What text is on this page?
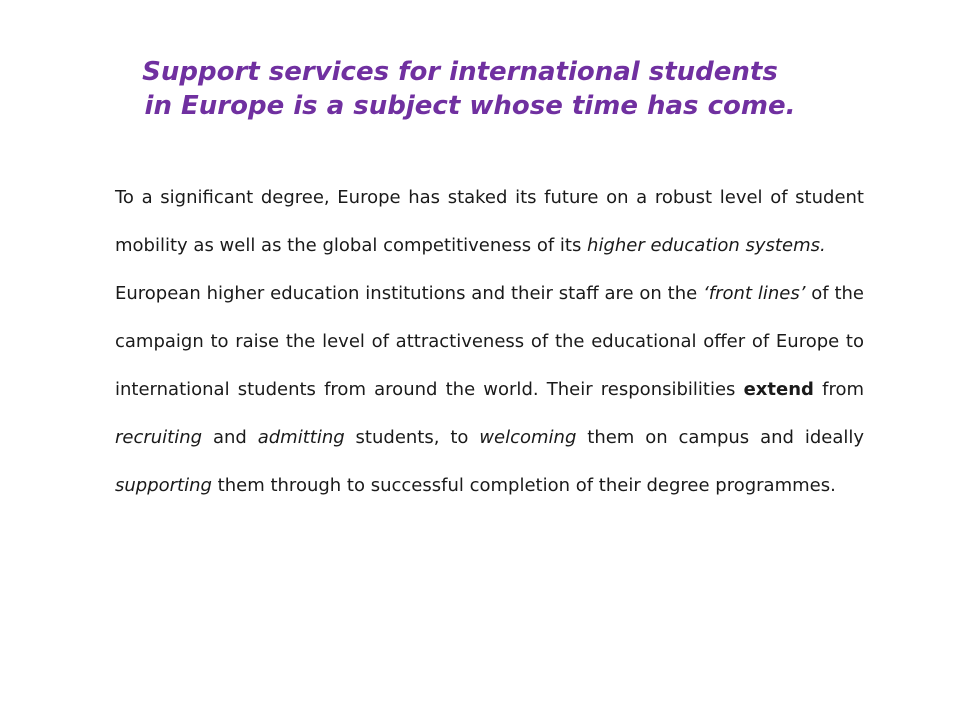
Support services for international students
in Europe is a subject whose time has come.

To a significant degree, Europe has staked its future on a robust level of student mobility as well as the global competitiveness of its higher education systems.

European higher education institutions and their staff are on the ‘front lines’ of the campaign to raise the level of attractiveness of the educational offer of Europe to international students from around the world. Their responsibilities extend from recruiting and admitting students, to welcoming them on campus and ideally supporting them through to successful completion of their degree programmes.
